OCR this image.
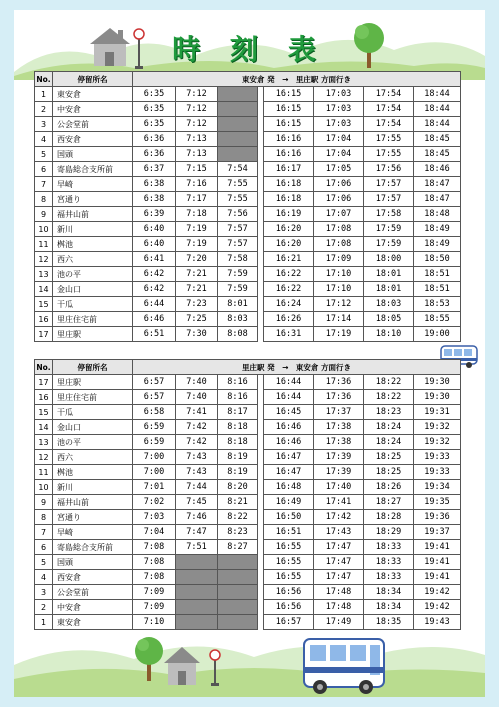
時 刻 表
No.	停留所名	東安倉 発　→　里庄駅 方面行き							
1	東安倉	6:35	7:12			16:15	17:03	17:54	18:44
2	中安倉	6:35	7:12			16:15	17:03	17:54	18:44
3	公会堂前	6:35	7:12			16:15	17:03	17:54	18:44
4	西安倉	6:36	7:13			16:16	17:04	17:55	18:45
5	国頭	6:36	7:13			16:16	17:04	17:55	18:45
6	寄島総合支所前	6:37	7:15	7:54		16:17	17:05	17:56	18:46
7	早崎	6:38	7:16	7:55		16:18	17:06	17:57	18:47
8	宮通り	6:38	7:17	7:55		16:18	17:06	17:57	18:47
9	福井山前	6:39	7:18	7:56		16:19	17:07	17:58	18:48
10	新川	6:40	7:19	7:57		16:20	17:08	17:59	18:49
11	桝池	6:40	7:19	7:57		16:20	17:08	17:59	18:49
12	西六	6:41	7:20	7:58		16:21	17:09	18:00	18:50
13	池の平	6:42	7:21	7:59		16:22	17:10	18:01	18:51
14	金山口	6:42	7:21	7:59		16:22	17:10	18:01	18:51
15	干瓜	6:44	7:23	8:01		16:24	17:12	18:03	18:53
16	里庄住宅前	6:46	7:25	8:03		16:26	17:14	18:05	18:55
17	里庄駅	6:51	7:30	8:08		16:31	17:19	18:10	19:00
No.	停留所名	里庄駅 発　→　東安倉 方面行き							
17	里庄駅	6:57	7:40	8:16		16:44	17:36	18:22	19:30
16	里庄住宅前	6:57	7:40	8:16		16:44	17:36	18:22	19:30
15	干瓜	6:58	7:41	8:17		16:45	17:37	18:23	19:31
14	金山口	6:59	7:42	8:18		16:46	17:38	18:24	19:32
13	池の平	6:59	7:42	8:18		16:46	17:38	18:24	19:32
12	西六	7:00	7:43	8:19		16:47	17:39	18:25	19:33
11	桝池	7:00	7:43	8:19		16:47	17:39	18:25	19:33
10	新川	7:01	7:44	8:20		16:48	17:40	18:26	19:34
9	福井山前	7:02	7:45	8:21		16:49	17:41	18:27	19:35
8	宮通り	7:03	7:46	8:22		16:50	17:42	18:28	19:36
7	早崎	7:04	7:47	8:23		16:51	17:43	18:29	19:37
6	寄島総合支所前	7:08	7:51	8:27		16:55	17:47	18:33	19:41
5	国頭	7:08				16:55	17:47	18:33	19:41
4	西安倉	7:08				16:55	17:47	18:33	19:41
3	公会堂前	7:09				16:56	17:48	18:34	19:42
2	中安倉	7:09				16:56	17:48	18:34	19:42
1	東安倉	7:10				16:57	17:49	18:35	19:43
